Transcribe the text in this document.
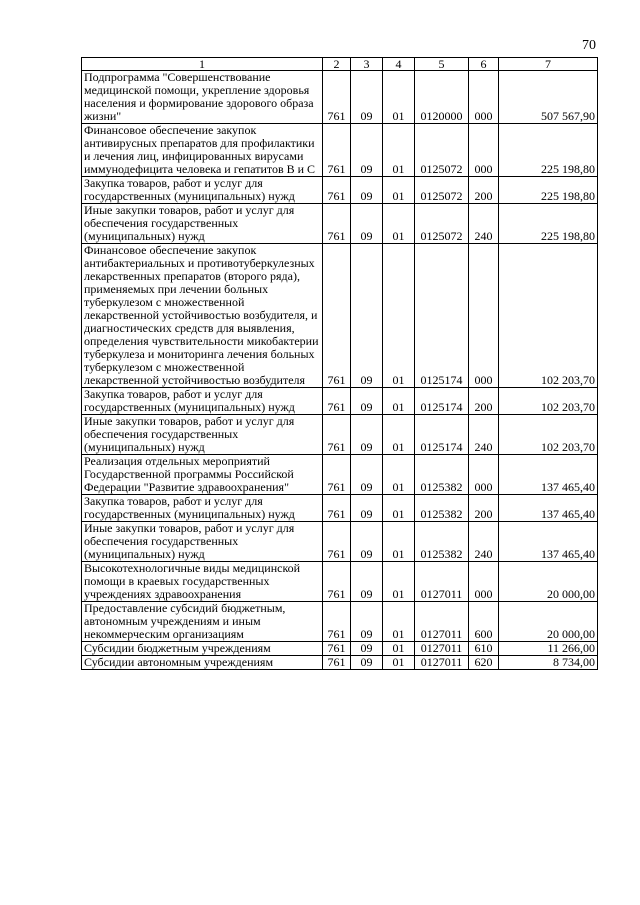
70
1	2	3	4	5	6	7
Подпрограмма "Совершенствование медицинской помощи, укрепление здоровья населения и формирование здорового образа жизни"	761	09	01	0120000	000	507 567,90
Финансовое обеспечение закупок антивирусных препаратов для профилактики и лечения лиц, инфицированных вирусами иммунодефицита человека и гепатитов В и С	761	09	01	0125072	000	225 198,80
Закупка товаров, работ и услуг для государственных (муниципальных) нужд	761	09	01	0125072	200	225 198,80
Иные закупки товаров, работ и услуг для обеспечения государственных (муниципальных) нужд	761	09	01	0125072	240	225 198,80
Финансовое обеспечение закупок антибактериальных и противотуберкулезных лекарственных препаратов (второго ряда), применяемых при лечении больных туберкулезом с множественной лекарственной устойчивостью возбудителя, и диагностических средств для выявления, определения чувствительности микобактерии туберкулеза и мониторинга лечения больных туберкулезом с множественной лекарственной устойчивостью возбудителя	761	09	01	0125174	000	102 203,70
Закупка товаров, работ и услуг для государственных (муниципальных) нужд	761	09	01	0125174	200	102 203,70
Иные закупки товаров, работ и услуг для обеспечения государственных (муниципальных) нужд	761	09	01	0125174	240	102 203,70
Реализация отдельных мероприятий Государственной программы Российской Федерации "Развитие здравоохранения"	761	09	01	0125382	000	137 465,40
Закупка товаров, работ и услуг для государственных (муниципальных) нужд	761	09	01	0125382	200	137 465,40
Иные закупки товаров, работ и услуг для обеспечения государственных (муниципальных) нужд	761	09	01	0125382	240	137 465,40
Высокотехнологичные виды медицинской помощи в краевых государственных учреждениях здравоохранения	761	09	01	0127011	000	20 000,00
Предоставление субсидий бюджетным, автономным учреждениям и иным некоммерческим организациям	761	09	01	0127011	600	20 000,00
Субсидии бюджетным учреждениям	761	09	01	0127011	610	11 266,00
Субсидии автономным учреждениям	761	09	01	0127011	620	8 734,00
